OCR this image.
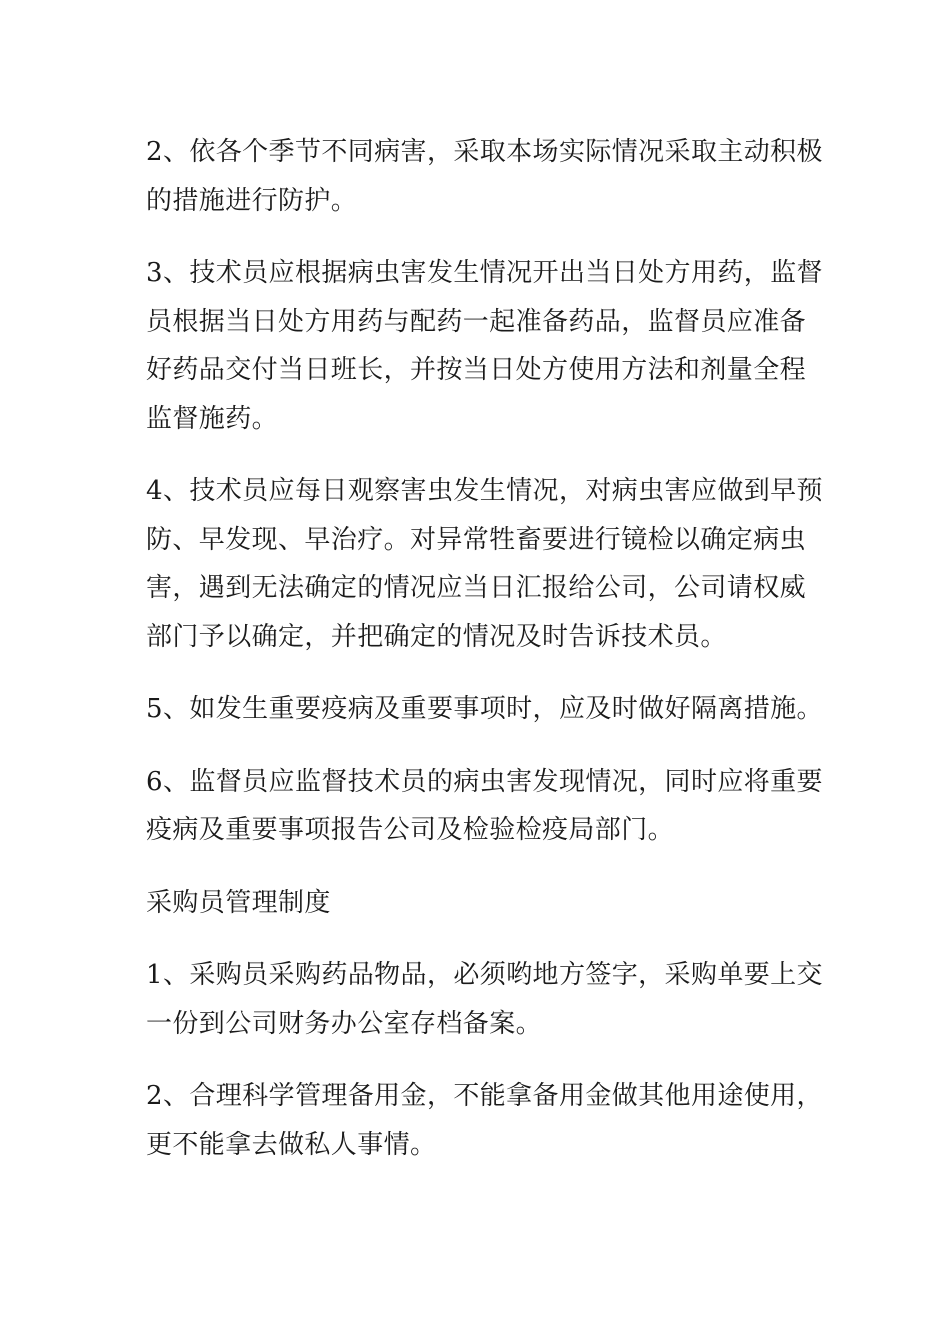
2、依各个季节不同病害，采取本场实际情况采取主动积极
的措施进行防护。

3、技术员应根据病虫害发生情况开出当日处方用药，监督
员根据当日处方用药与配药一起准备药品，监督员应准备
好药品交付当日班长，并按当日处方使用方法和剂量全程
监督施药。

4、技术员应每日观察害虫发生情况，对病虫害应做到早预
防、早发现、早治疗。对异常牲畜要进行镜检以确定病虫
害，遇到无法确定的情况应当日汇报给公司，公司请权威
部门予以确定，并把确定的情况及时告诉技术员。

5、如发生重要疫病及重要事项时，应及时做好隔离措施。

6、监督员应监督技术员的病虫害发现情况，同时应将重要
疫病及重要事项报告公司及检验检疫局部门。

采购员管理制度

1、采购员采购药品物品，必须哟地方签字，采购单要上交
一份到公司财务办公室存档备案。

2、合理科学管理备用金，不能拿备用金做其他用途使用，
更不能拿去做私人事情。
